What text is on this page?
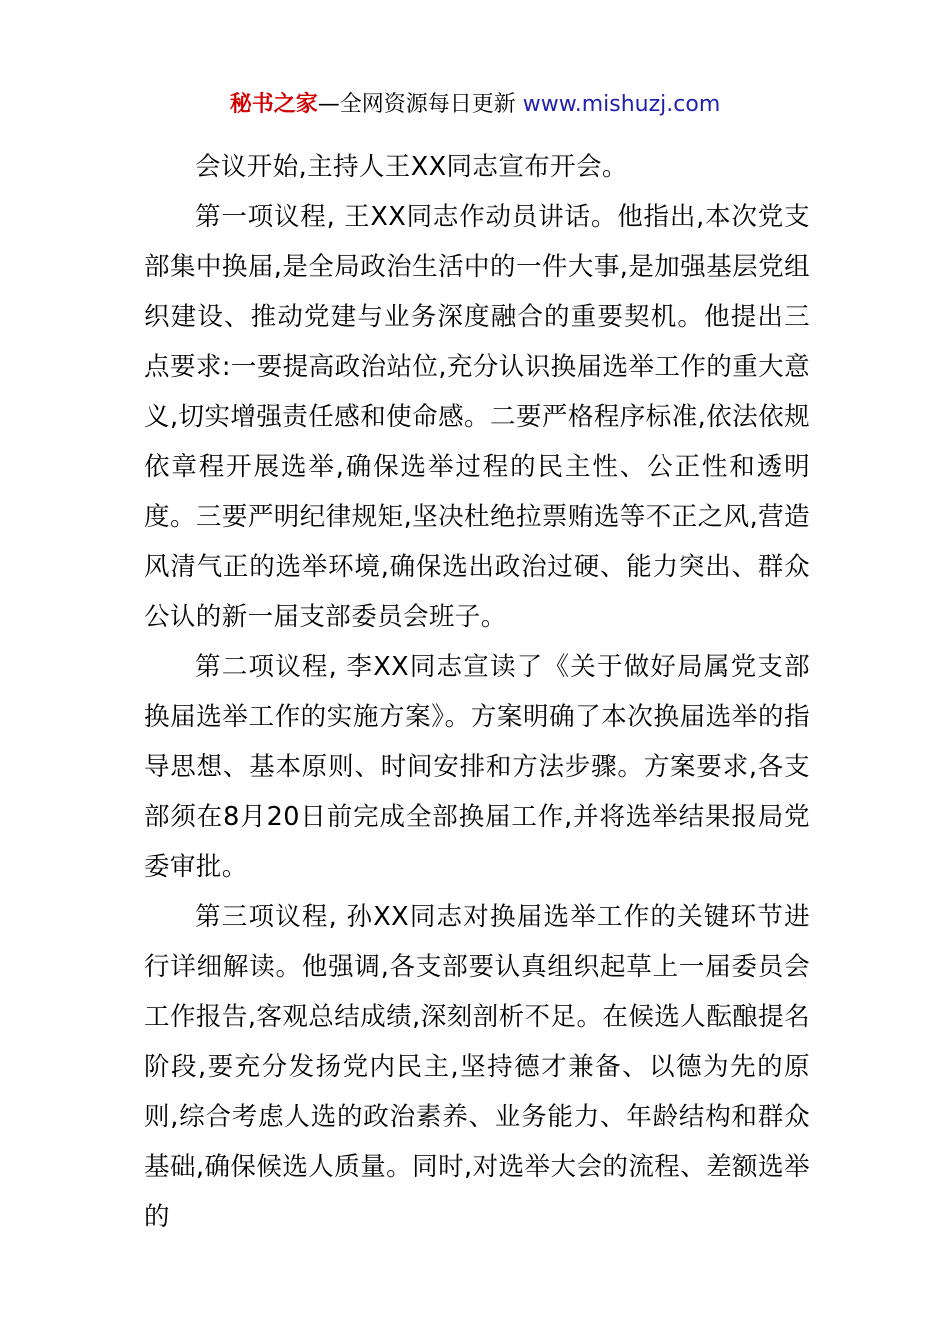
秘书之家—全网资源每日更新 www.mishuzj.com

会议开始,主持人王XX同志宣布开会。

第一项议程, 王XX同志作动员讲话。他指出,本次党支部集中换届,是全局政治生活中的一件大事,是加强基层党组织建设、推动党建与业务深度融合的重要契机。他提出三点要求:一要提高政治站位,充分认识换届选举工作的重大意义,切实增强责任感和使命感。二要严格程序标准,依法依规依章程开展选举,确保选举过程的民主性、公正性和透明度。三要严明纪律规矩,坚决杜绝拉票贿选等不正之风,营造风清气正的选举环境,确保选出政治过硬、能力突出、群众公认的新一届支部委员会班子。

第二项议程, 李XX同志宣读了《关于做好局属党支部换届选举工作的实施方案》。方案明确了本次换届选举的指导思想、基本原则、时间安排和方法步骤。方案要求,各支部须在8月20日前完成全部换届工作,并将选举结果报局党委审批。

第三项议程, 孙XX同志对换届选举工作的关键环节进行详细解读。他强调,各支部要认真组织起草上一届委员会工作报告,客观总结成绩,深刻剖析不足。在候选人酝酿提名阶段,要充分发扬党内民主,坚持德才兼备、以德为先的原则,综合考虑人选的政治素养、业务能力、年龄结构和群众基础,确保候选人质量。同时,对选举大会的流程、差额选举的
